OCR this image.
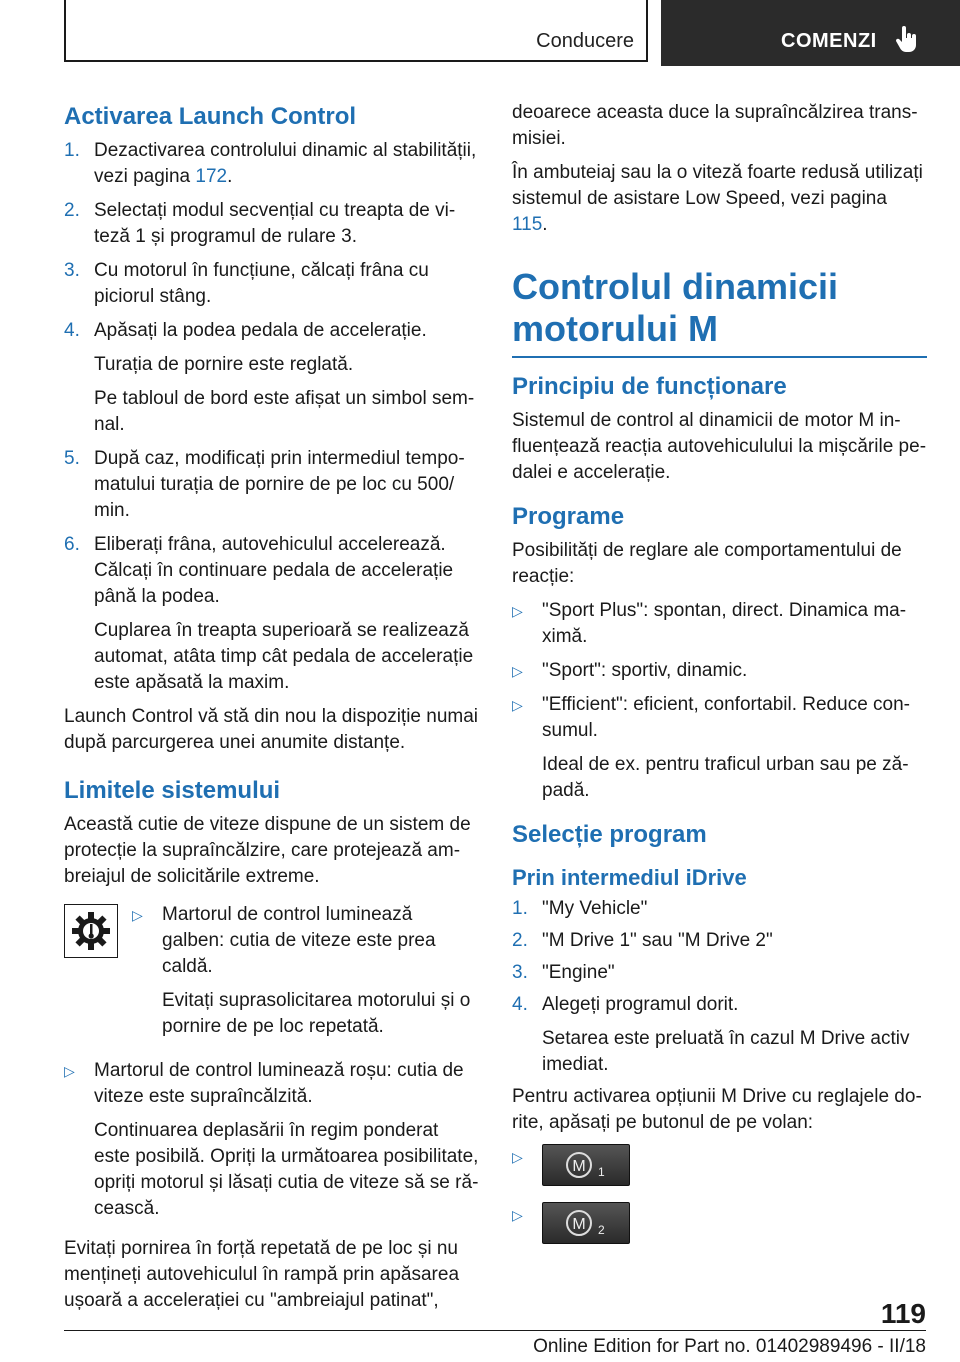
Conducere	COMENZI
Activarea Launch Control
1. Dezactivarea controlului dinamic al stabilității, vezi pagina 172.

2. Selectați modul secvențial cu treapta de viteză 1 și programul de rulare 3.

3. Cu motorul în funcțiune, călcați frâna cu piciorul stâng.

4. Apăsați la podea pedala de accelerație.

Turația de pornire este reglată.

Pe tabloul de bord este afișat un simbol semnal.

5. După caz, modificați prin intermediul tempomatului turația de pornire de pe loc cu 500/ min.

6. Eliberați frâna, autovehiculul accelerează. Călcați în continuare pedala de accelerație până la podea.

Cuplarea în treapta superioară se realizează automat, atâta timp cât pedala de accelerație este apăsată la maxim.

Launch Control vă stă din nou la dispoziție numai după parcurgerea unei anumite distanțe.

Limitele sistemului

Această cutie de viteze dispune de un sistem de protecție la supraîncălzire, care protejează ambreiajul de solicitările extreme.

▷	Martorul de control luminează galben: cutia de viteze este prea caldă.

Evitați suprasolicitarea motorului și o pornire de pe loc repetată.

▷	Martorul de control luminează roșu: cutia de viteze este supraîncălzită.

Continuarea deplasării în regim ponderat este posibilă. Opriți la următoarea posibilitate, opriți motorul și lăsați cutia de viteze să se răcească.

Evitați pornirea în forță repetată de pe loc și nu mențineți autovehiculul în rampă prin apăsarea ușoară a accelerației cu "ambreiajul patinat",

deoarece aceasta duce la supraîncălzirea transmisiei.

În ambuteiaj sau la o viteză foarte redusă utilizați sistemul de asistare Low Speed, vezi pagina 115.

Controlul dinamicii
motorului M
Principiu de funcționare

Sistemul de control al dinamicii de motor M influențează reacția autovehiculului la mișcările pedalei e accelerație.

Programe

Posibilități de reglare ale comportamentului de reacție:

▷	"Sport Plus": spontan, direct. Dinamica maximă.

▷	"Sport": sportiv, dinamic.

▷	"Efficient": eficient, confortabil. Reduce consumul.

Ideal de ex. pentru traficul urban sau pe zăpadă.

Selecție program
Prin intermediul iDrive
1. "My Vehicle"

2. "M Drive 1" sau "M Drive 2"

3. "Engine"

4. Alegeți programul dorit.

Setarea este preluată în cazul M Drive activ imediat.

Pentru activarea opțiunii M Drive cu reglajele dorite, apăsați pe butonul de pe volan:

▷
M 1
▷
M 2
119
Online Edition for Part no. 01402989496 - II/18
